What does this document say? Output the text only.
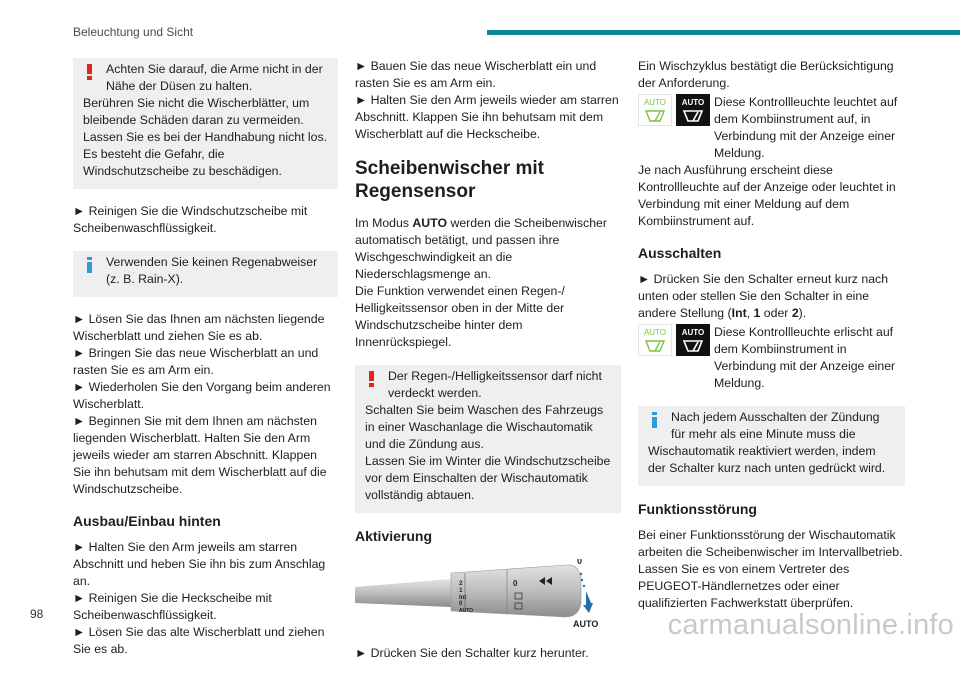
Beleuchtung und Sicht

Achten Sie darauf, die Arme nicht in der Nähe der Düsen zu halten.

Berühren Sie nicht die Wischerblätter, um bleibende Schäden daran zu vermeiden.
Lassen Sie es bei der Handhabung nicht los. Es besteht die Gefahr, die Windschutzscheibe zu beschädigen.

► Reinigen Sie die Windschutzscheibe mit Scheibenwaschflüssigkeit.

Verwenden Sie keinen Regenabweiser (z. B. Rain-X).

► Lösen Sie das Ihnen am nächsten liegende Wischerblatt und ziehen Sie es ab.
► Bringen Sie das neue Wischerblatt an und rasten Sie es am Arm ein.
► Wiederholen Sie den Vorgang beim anderen Wischerblatt.
► Beginnen Sie mit dem Ihnen am nächsten liegenden Wischerblatt. Halten Sie den Arm jeweils wieder am starren Abschnitt. Klappen Sie ihn behutsam mit dem Wischerblatt auf die Windschutzscheibe.

Ausbau/Einbau hinten

► Halten Sie den Arm jeweils am starren Abschnitt und heben Sie ihn bis zum Anschlag an.
► Reinigen Sie die Heckscheibe mit Scheibenwaschflüssigkeit.
► Lösen Sie das alte Wischerblatt und ziehen Sie es ab.

► Bauen Sie das neue Wischerblatt ein und rasten Sie es am Arm ein.
► Halten Sie den Arm jeweils wieder am starren Abschnitt. Klappen Sie ihn behutsam mit dem Wischerblatt auf die Heckscheibe.

Scheibenwischer mit Regensensor

Im Modus AUTO werden die Scheibenwischer automatisch betätigt, und passen ihre Wischgeschwindigkeit an die Niederschlagsmenge an.
Die Funktion verwendet einen Regen-/ Helligkeitssensor oben in der Mitte der Windschutzscheibe hinter dem Innenrückspiegel.

Der Regen-/Helligkeitssensor darf nicht verdeckt werden.

Schalten Sie beim Waschen des Fahrzeugs in einer Waschanlage die Wischautomatik und die Zündung aus.
Lassen Sie im Winter die Windschutzscheibe vor dem Einschalten der Wischautomatik vollständig abtauen.

Aktivierung
2
1
Int
0
AUTO
0
0
AUTO

► Drücken Sie den Schalter kurz herunter.

Ein Wischzyklus bestätigt die Berücksichtigung der Anforderung.

AUTO AUTO Diese Kontrollleuchte leuchtet auf dem Kombiinstrument auf, in Verbindung mit der Anzeige einer Meldung.

Je nach Ausführung erscheint diese Kontrollleuchte auf der Anzeige oder leuchtet in Verbindung mit einer Meldung auf dem Kombiinstrument auf.

Ausschalten

► Drücken Sie den Schalter erneut kurz nach unten oder stellen Sie den Schalter in eine andere Stellung (Int, 1 oder 2).

AUTO AUTO Diese Kontrollleuchte erlischt auf dem Kombiinstrument in Verbindung mit der Anzeige einer Meldung.

Nach jedem Ausschalten der Zündung für mehr als eine Minute muss die

Wischautomatik reaktiviert werden, indem der Schalter kurz nach unten gedrückt wird.

Funktionsstörung

Bei einer Funktionsstörung der Wischautomatik arbeiten die Scheibenwischer im Intervallbetrieb. Lassen Sie es von einem Vertreter des PEUGEOT-Händlernetzes oder einer qualifizierten Fachwerkstatt überprüfen.

98	carmanualsonline.info
